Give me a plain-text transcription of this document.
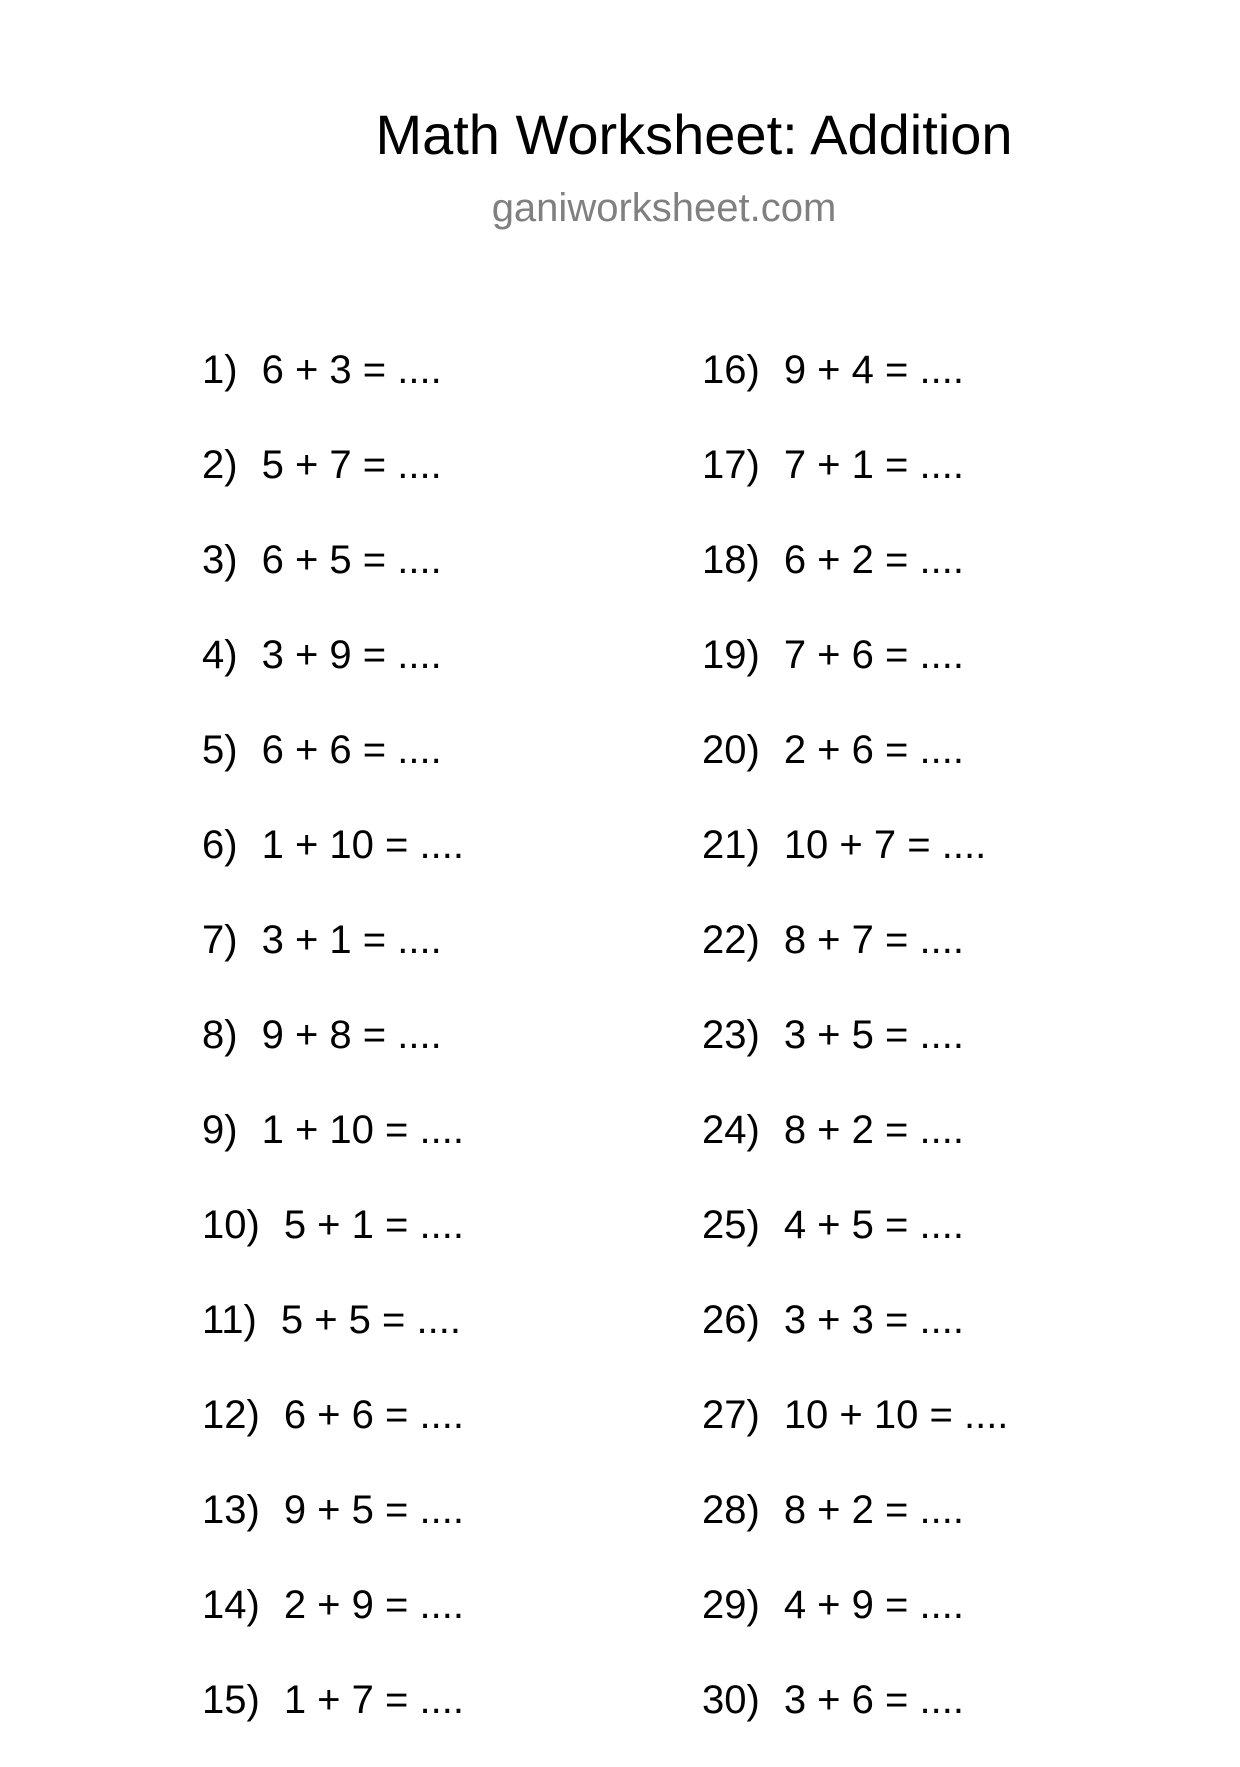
Math Worksheet: Addition
ganiworksheet.com
1) 6 + 3 = ....
2) 5 + 7 = ....
3) 6 + 5 = ....
4) 3 + 9 = ....
5) 6 + 6 = ....
6) 1 + 10 = ....
7) 3 + 1 = ....
8) 9 + 8 = ....
9) 1 + 10 = ....
10) 5 + 1 = ....
11) 5 + 5 = ....
12) 6 + 6 = ....
13) 9 + 5 = ....
14) 2 + 9 = ....
15) 1 + 7 = ....
16) 9 + 4 = ....
17) 7 + 1 = ....
18) 6 + 2 = ....
19) 7 + 6 = ....
20) 2 + 6 = ....
21) 10 + 7 = ....
22) 8 + 7 = ....
23) 3 + 5 = ....
24) 8 + 2 = ....
25) 4 + 5 = ....
26) 3 + 3 = ....
27) 10 + 10 = ....
28) 8 + 2 = ....
29) 4 + 9 = ....
30) 3 + 6 = ....
